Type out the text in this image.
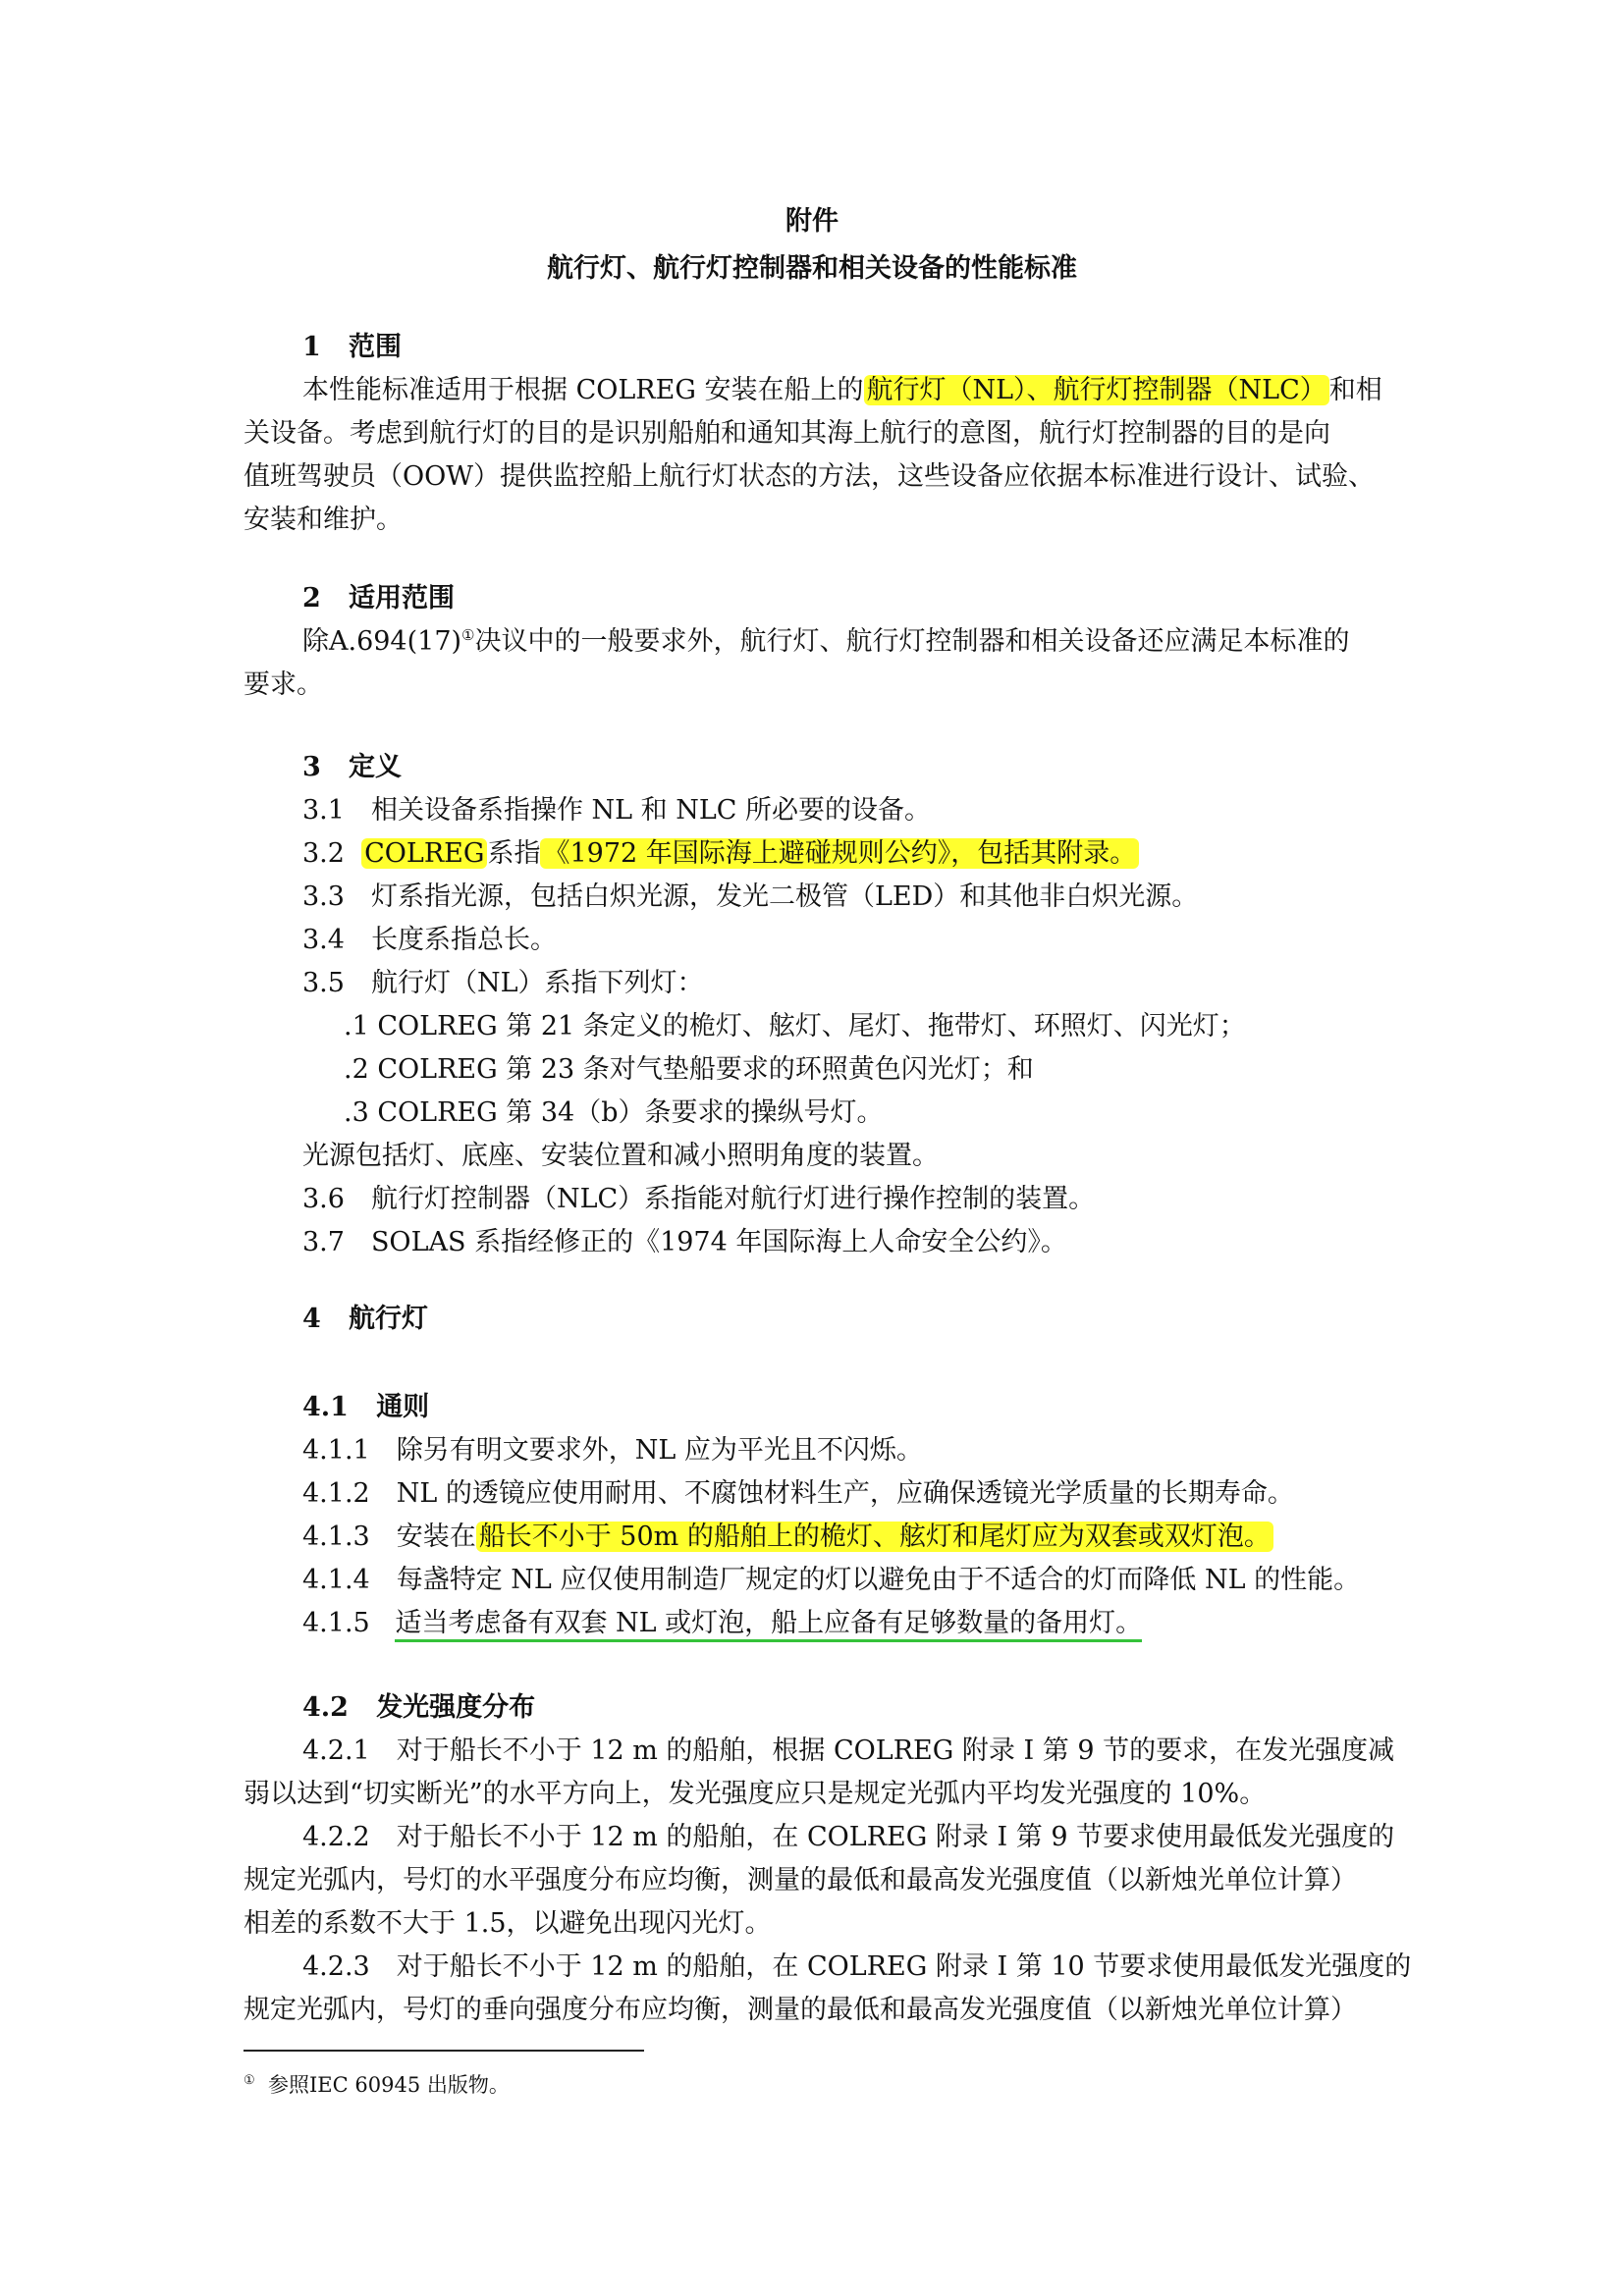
附件
航行灯、航行灯控制器和相关设备的性能标准
1 范围
本性能标准适用于根据 COLREG 安装在船上的 航行灯（NL）、航行灯控制器（NLC） 和相
关设备。考虑到航行灯的目的是识别船舶和通知其海上航行的意图，航行灯控制器的目的是向
值班驾驶员（OOW）提供监控船上航行灯状态的方法，这些设备应依据本标准进行设计、试验、
安装和维护。
2 适用范围
除A.694(17)①决议中的一般要求外，航行灯、航行灯控制器和相关设备还应满足本标准的
要求。
3 定义
3.1　相关设备系指操作 NL 和 NLC 所必要的设备。
3.2 COLREG 系指 《1972 年国际海上避碰规则公约》，包括其附录。
3.3　灯系指光源，包括白炽光源，发光二极管（LED）和其他非白炽光源。
3.4　长度系指总长。
3.5　航行灯（NL）系指下列灯：
.1 COLREG 第 21 条定义的桅灯、舷灯、尾灯、拖带灯、环照灯、闪光灯；
.2 COLREG 第 23 条对气垫船要求的环照黄色闪光灯；和
.3 COLREG 第 34（b）条要求的操纵号灯。
光源包括灯、底座、安装位置和减小照明角度的装置。
3.6　航行灯控制器（NLC）系指能对航行灯进行操作控制的装置。
3.7　SOLAS 系指经修正的《1974 年国际海上人命安全公约》。
4 航行灯
4.1 通则
4.1.1　除另有明文要求外，NL 应为平光且不闪烁。
4.1.2　NL 的透镜应使用耐用、不腐蚀材料生产，应确保透镜光学质量的长期寿命。
4.1.3　安装在 船长不小于 50m 的船舶上的桅灯、舷灯和尾灯应为双套或双灯泡。
4.1.4　每盏特定 NL 应仅使用制造厂规定的灯以避免由于不适合的灯而降低 NL 的性能。
4.1.5 适当考虑备有双套 NL 或灯泡，船上应备有足够数量的备用灯。
4.2 发光强度分布
4.2.1　对于船长不小于 12 m 的船舶，根据 COLREG 附录 I 第 9 节的要求，在发光强度减
弱以达到“切实断光”的水平方向上，发光强度应只是规定光弧内平均发光强度的 10%。
4.2.2　对于船长不小于 12 m 的船舶，在 COLREG 附录 I 第 9 节要求使用最低发光强度的
规定光弧内，号灯的水平强度分布应均衡，测量的最低和最高发光强度值（以新烛光单位计算）
相差的系数不大于 1.5，以避免出现闪光灯。
4.2.3　对于船长不小于 12 m 的船舶，在 COLREG 附录 I 第 10 节要求使用最低发光强度的
规定光弧内，号灯的垂向强度分布应均衡，测量的最低和最高发光强度值（以新烛光单位计算）
① 参照IEC 60945 出版物。
